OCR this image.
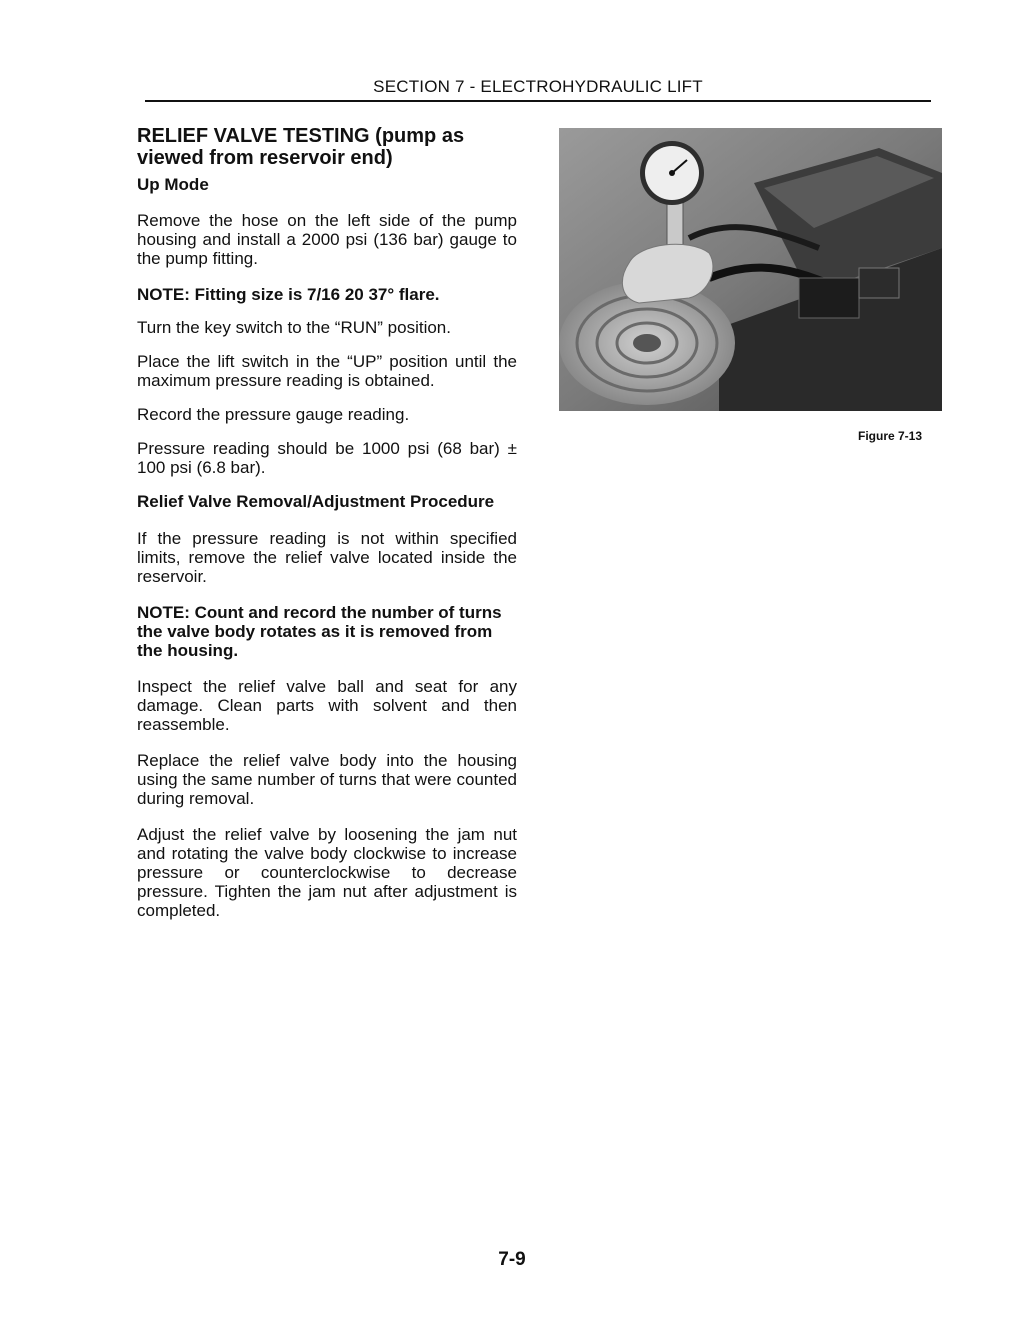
SECTION 7 - ELECTROHYDRAULIC LIFT
RELIEF VALVE TESTING (pump as viewed from reservoir end)
Up Mode

Remove the hose on the left side of the pump housing and install a 2000 psi (136 bar) gauge to the pump fitting.

NOTE: Fitting size is 7/16 20 37° flare.

Turn the key switch to the “RUN” position.

Place the lift switch in the “UP” position until the maximum pressure reading is obtained.

Record the pressure gauge reading.

Pressure reading should be 1000 psi (68 bar) ± 100 psi (6.8 bar).

Relief Valve Removal/Adjustment Procedure

If the pressure reading is not within specified limits, remove the relief valve located inside the reservoir.

NOTE: Count and record the number of turns the valve body rotates as it is removed from the housing.

Inspect the relief valve ball and seat for any damage. Clean parts with solvent and then reassemble.

Replace the relief valve body into the housing using the same number of turns that were counted during removal.

Adjust the relief valve by loosening the jam nut and rotating the valve body clockwise to increase pressure or counterclockwise to decrease pressure. Tighten the jam nut after adjustment is completed.

Figure 7-13
7-9
